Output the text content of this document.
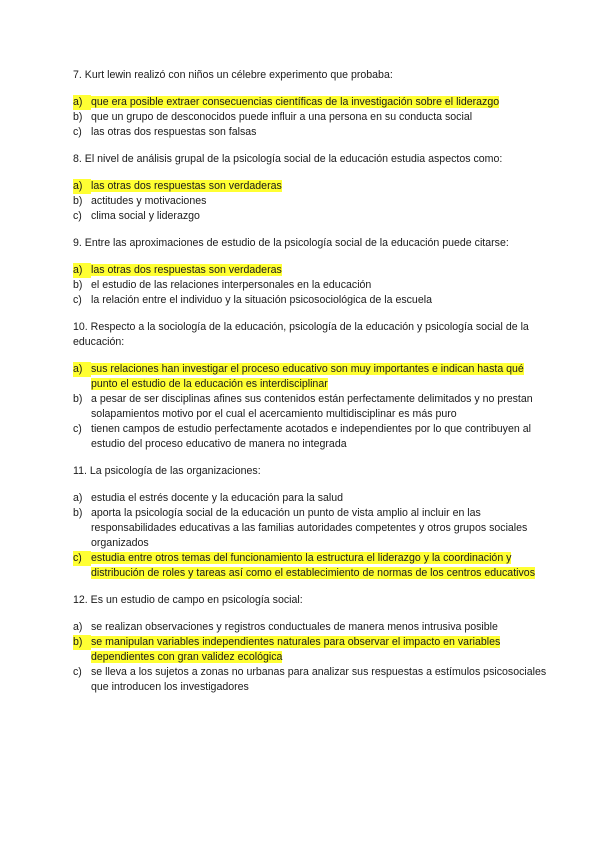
7. Kurt lewin realizó con niños un célebre experimento que probaba:

a) que era posible extraer consecuencias científicas de la investigación sobre el liderazgo
b) que un grupo de desconocidos puede influir a una persona en su conducta social
c) las otras dos respuestas son falsas

8. El nivel de análisis grupal de la psicología social de la educación estudia aspectos como:

a) las otras dos respuestas son verdaderas
b) actitudes y motivaciones
c) clima social y liderazgo

9. Entre las aproximaciones de estudio de la psicología social de la educación puede citarse:

a) las otras dos respuestas son verdaderas
b) el estudio de las relaciones interpersonales en la educación
c) la relación entre el individuo y la situación psicosociológica de la escuela

10. Respecto a la sociología de la educación, psicología de la educación y psicología social de la educación:

a) sus relaciones han investigar el proceso educativo son muy importantes e indican hasta qué punto el estudio de la educación es interdisciplinar
b) a pesar de ser disciplinas afines sus contenidos están perfectamente delimitados y no prestan solapamientos motivo por el cual el acercamiento multidisciplinar es más puro
c) tienen campos de estudio perfectamente acotados e independientes por lo que contribuyen al estudio del proceso educativo de manera no integrada

11. La psicología de las organizaciones:

a) estudia el estrés docente y la educación para la salud
b) aporta la psicología social de la educación un punto de vista amplio al incluir en las responsabilidades educativas a las familias autoridades competentes y otros grupos sociales organizados
c) estudia entre otros temas del funcionamiento la estructura el liderazgo y la coordinación y distribución de roles y tareas así como el establecimiento de normas de los centros educativos

12. Es un estudio de campo en psicología social:

a) se realizan observaciones y registros conductuales de manera menos intrusiva posible
b) se manipulan variables independientes naturales para observar el impacto en variables dependientes con gran validez ecológica
c) se lleva a los sujetos a zonas no urbanas para analizar sus respuestas a estímulos psicosociales que introducen los investigadores
